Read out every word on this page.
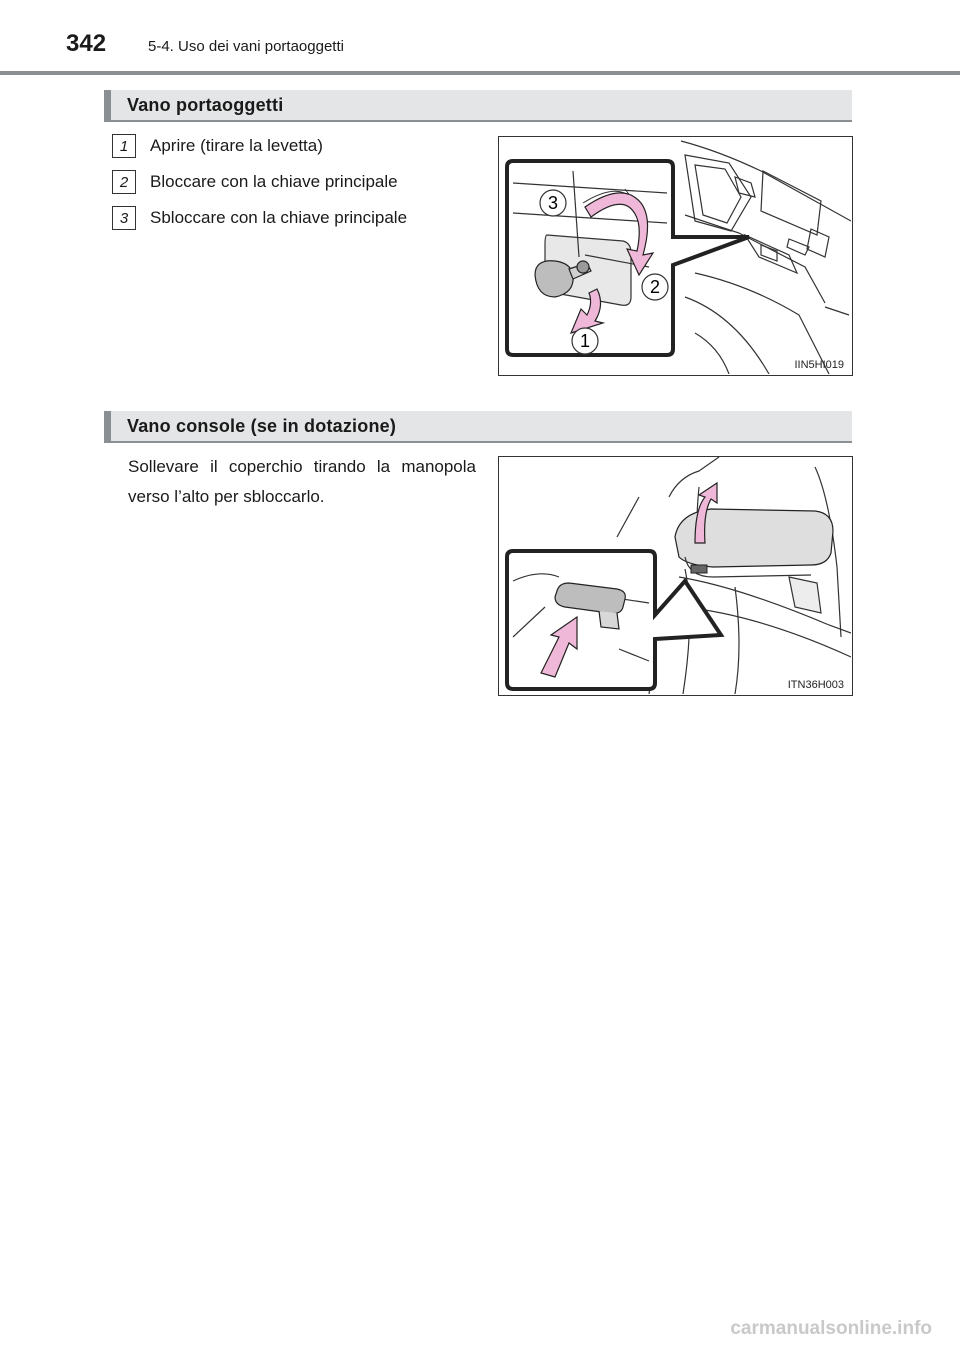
342	5-4. Uso dei vani portaoggetti
Vano portaoggetti
1	Aprire (tirare la levetta)
2	Bloccare con la chiave principale
3	Sbloccare con la chiave principale
3
2
1
IIN5HI019
Vano console (se in dotazione)

Sollevare il coperchio tirando la manopola verso l’alto per sbloccarlo.

ITN36H003
carmanualsonline.info
